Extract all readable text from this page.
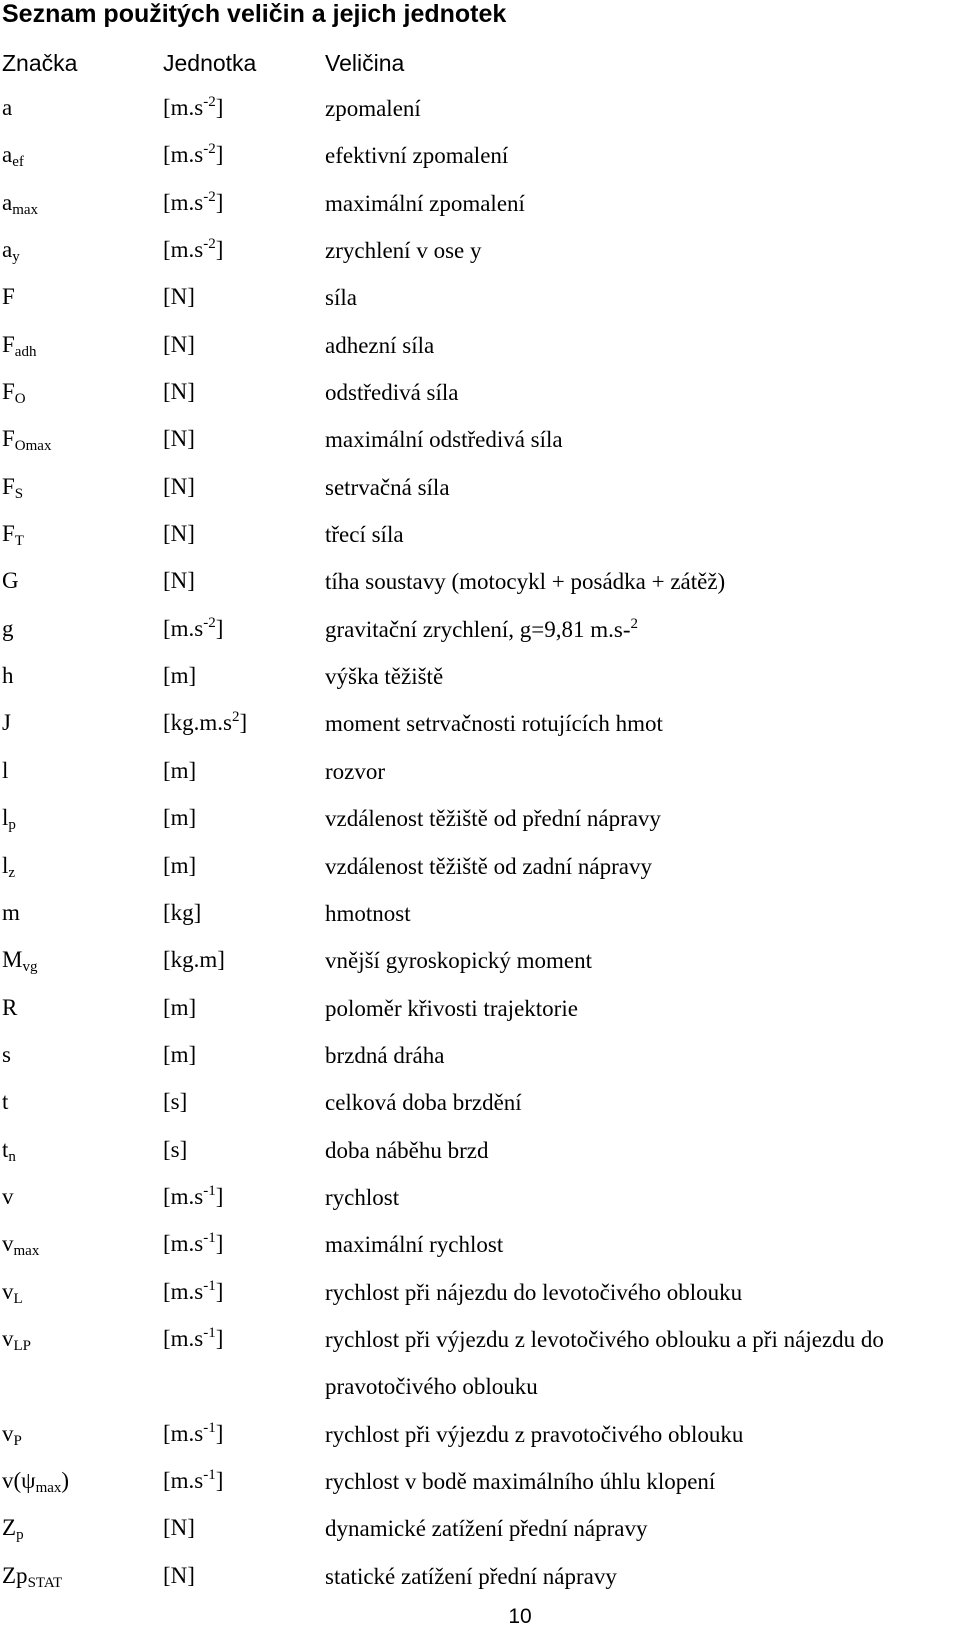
Seznam použitých veličin a jejich jednotek
Značka	Jednotka	Veličina
a	$[m.s^{-2}]$	zpomalení
$a_{ef}$	$[m.s^{-2}]$	efektivní zpomalení
$a_{max}$	$[m.s^{-2}]$	maximální zpomalení
$a_y$	$[m.s^{-2}]$	zrychlení v ose y
F	[N]	síla
$F_{adh}$	[N]	adhezní síla
$F_O$	[N]	odstředivá síla
$F_{Omax}$	[N]	maximální odstředivá síla
$F_S$	[N]	setrvačná síla
$F_T$	[N]	třecí síla
G	[N]	tíha soustavy (motocykl + posádka + zátěž)
g	$[m.s^{-2}]$	gravitační zrychlení, g=9,81 m.s-$^2$
h	[m]	výška těžiště
J	$[kg.m.s^2]$	moment setrvačnosti rotujících hmot
l	[m]	rozvor
$l_p$	[m]	vzdálenost těžiště od přední nápravy
$l_z$	[m]	vzdálenost těžiště od zadní nápravy
m	[kg]	hmotnost
$M_{vg}$	[kg.m]	vnější gyroskopický moment
R	[m]	poloměr křivosti trajektorie
s	[m]	brzdná dráha
t	[s]	celková doba brzdění
$t_n$	[s]	doba náběhu brzd
v	$[m.s^{-1}]$	rychlost
$v_{max}$	$[m.s^{-1}]$	maximální rychlost
$v_L$	$[m.s^{-1}]$	rychlost při nájezdu do levotočivého oblouku
$v_{LP}$	$[m.s^{-1}]$	rychlost při výjezdu z levotočivého oblouku a při nájezdu do pravotočivého oblouku
$v_P$	$[m.s^{-1}]$	rychlost při výjezdu z pravotočivého oblouku
$v(\psi_{max})$	$[m.s^{-1}]$	rychlost v bodě maximálního úhlu klopení
$Z_p$	[N]	dynamické zatížení přední nápravy
$Zp_{STAT}$	[N]	statické zatížení přední nápravy
10
